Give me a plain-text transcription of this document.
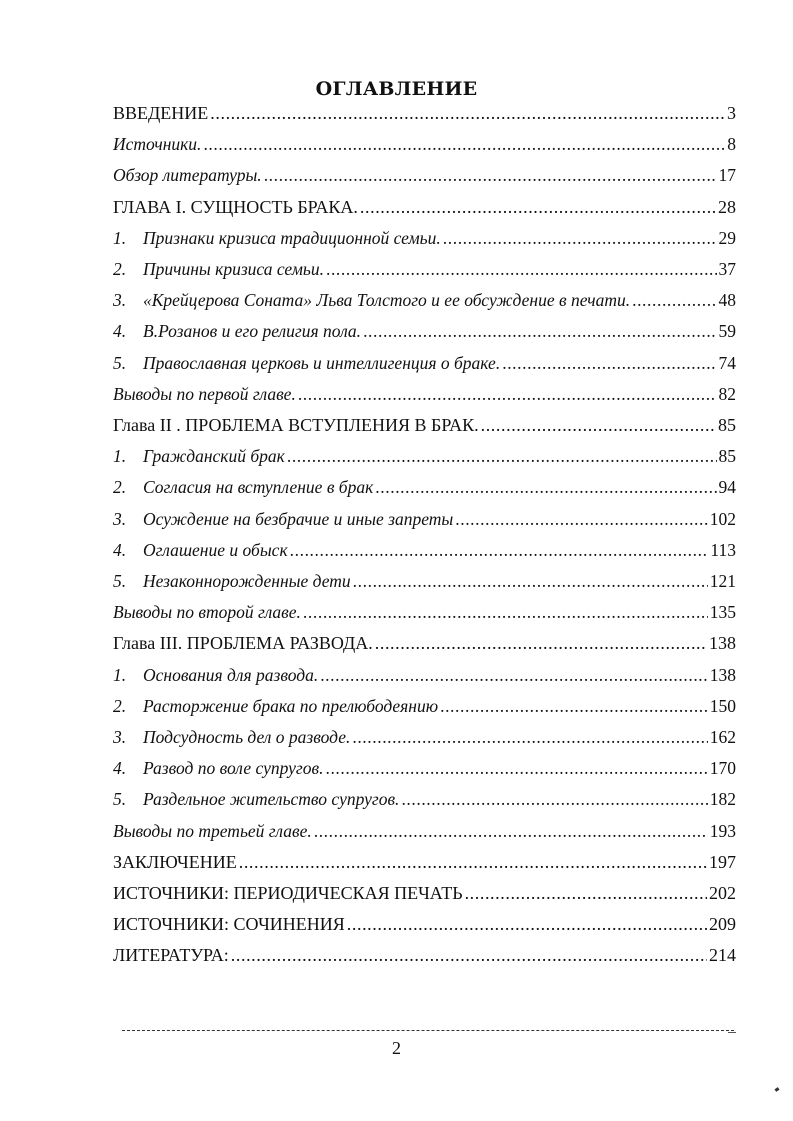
ОГЛАВЛЕНИЕ
ВВЕДЕНИЕ .....	3
Источники. .....	8
Обзор литературы. .....	17
ГЛАВА I. СУЩНОСТЬ БРАКА. .....	28
1. Признаки кризиса традиционной семьи. .....	29
2. Причины кризиса семьи. .....	37
3. «Крейцерова Соната» Льва Толстого и ее обсуждение в печати. .....	48
4. В.Розанов и его религия пола. .....	59
5. Православная церковь и интеллигенция о браке. .....	74
Выводы по первой главе. .....	82
Глава II . ПРОБЛЕМА ВСТУПЛЕНИЯ В БРАК. .....	85
1. Гражданский брак .....	85
2. Согласия на вступление в брак .....	94
3. Осуждение на безбрачие и иные запреты .....	102
4. Оглашение и обыск .....	113
5. Незаконнорожденные дети .....	121
Выводы по второй главе. .....	135
Глава III. ПРОБЛЕМА РАЗВОДА. .....	138
1. Основания для развода. .....	138
2. Расторжение брака по прелюбодеянию .....	150
3. Подсудность дел о разводе. .....	162
4. Развод по воле супругов. .....	170
5. Раздельное жительство супругов. .....	182
Выводы по третьей главе. .....	193
ЗАКЛЮЧЕНИЕ .....	197
ИСТОЧНИКИ: ПЕРИОДИЧЕСКАЯ ПЕЧАТЬ .....	202
ИСТОЧНИКИ: СОЧИНЕНИЯ .....	209
ЛИТЕРАТУРА: .....	214
2
